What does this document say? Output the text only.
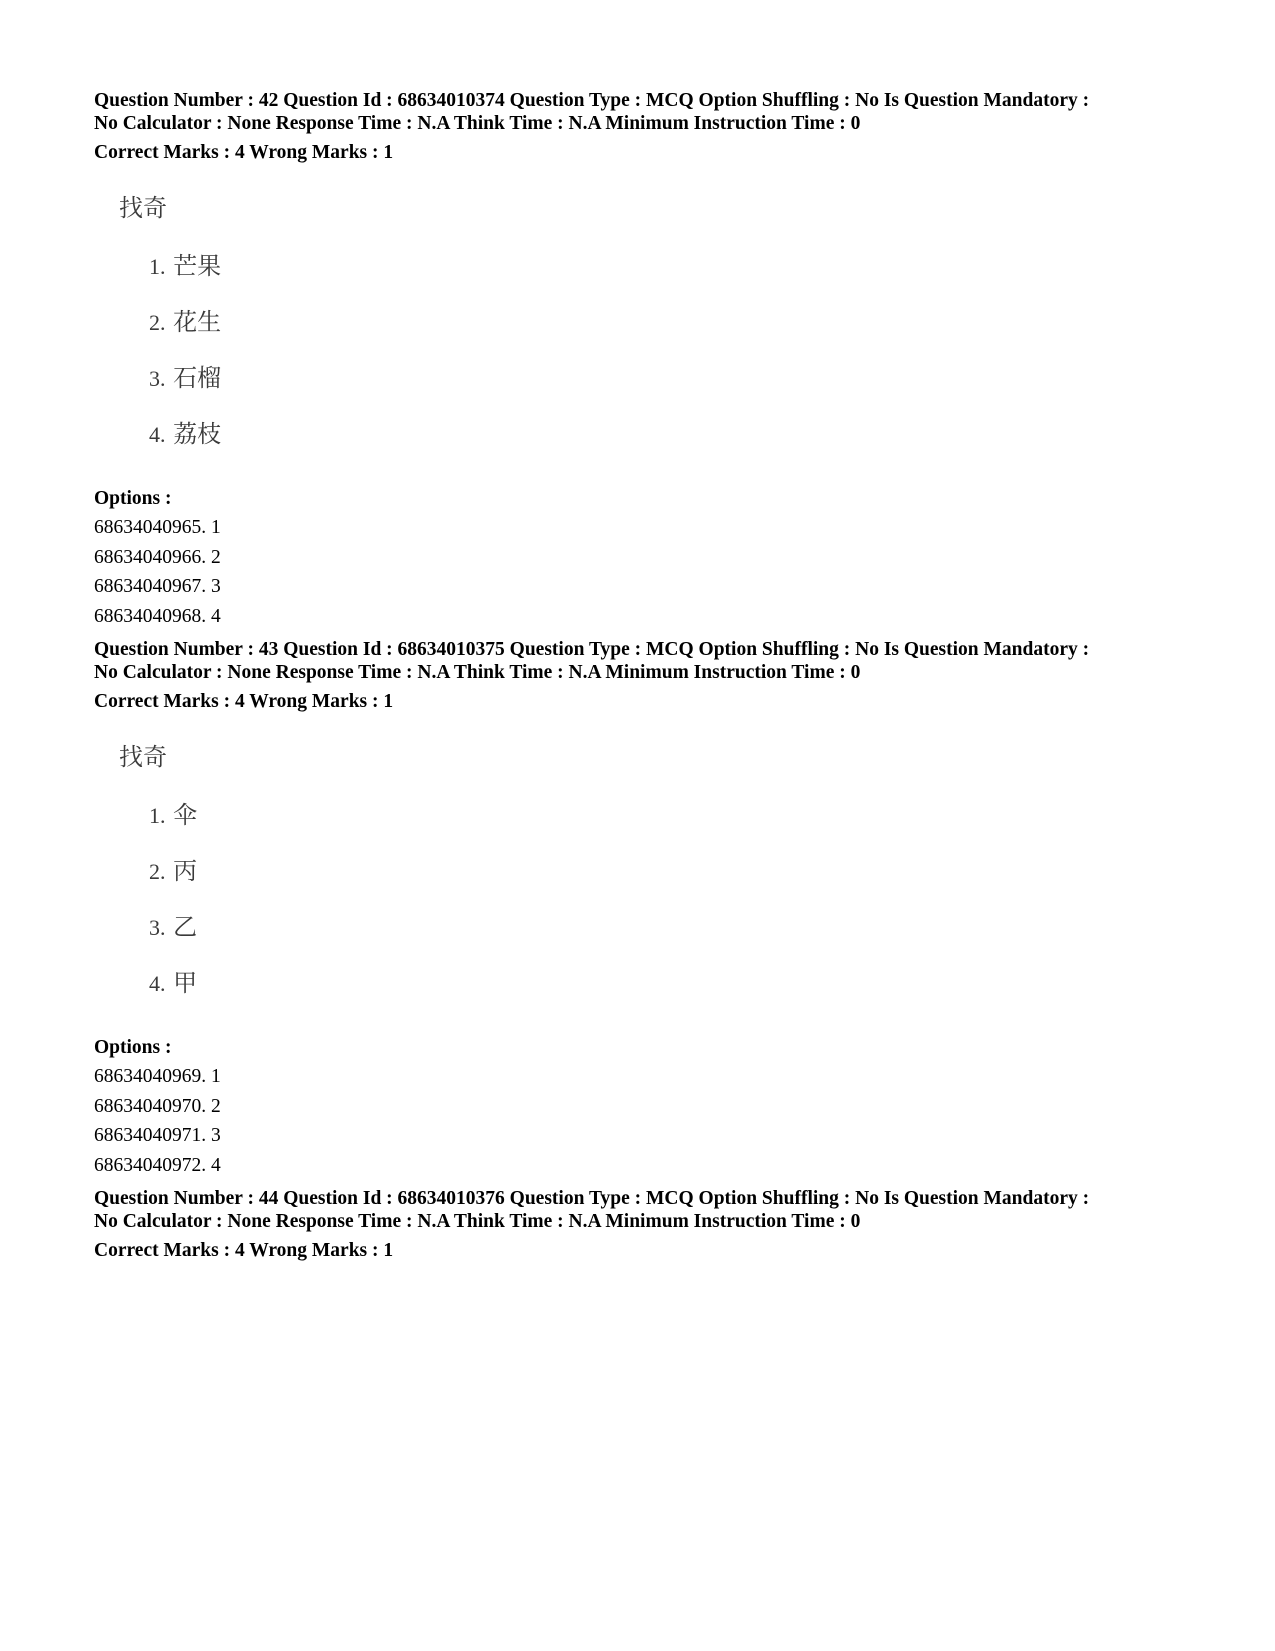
Question Number : 42 Question Id : 68634010374 Question Type : MCQ Option Shuffling : No Is Question Mandatory :
No Calculator : None Response Time : N.A Think Time : N.A Minimum Instruction Time : 0
Correct Marks : 4 Wrong Marks : 1
找奇
1. 芒果
2. 花生
3. 石榴
4. 荔枝
Options :
68634040965. 1
68634040966. 2
68634040967. 3
68634040968. 4
Question Number : 43 Question Id : 68634010375 Question Type : MCQ Option Shuffling : No Is Question Mandatory :
No Calculator : None Response Time : N.A Think Time : N.A Minimum Instruction Time : 0
Correct Marks : 4 Wrong Marks : 1
找奇
1. 伞
2. 丙
3. 乙
4. 甲
Options :
68634040969. 1
68634040970. 2
68634040971. 3
68634040972. 4
Question Number : 44 Question Id : 68634010376 Question Type : MCQ Option Shuffling : No Is Question Mandatory :
No Calculator : None Response Time : N.A Think Time : N.A Minimum Instruction Time : 0
Correct Marks : 4 Wrong Marks : 1
